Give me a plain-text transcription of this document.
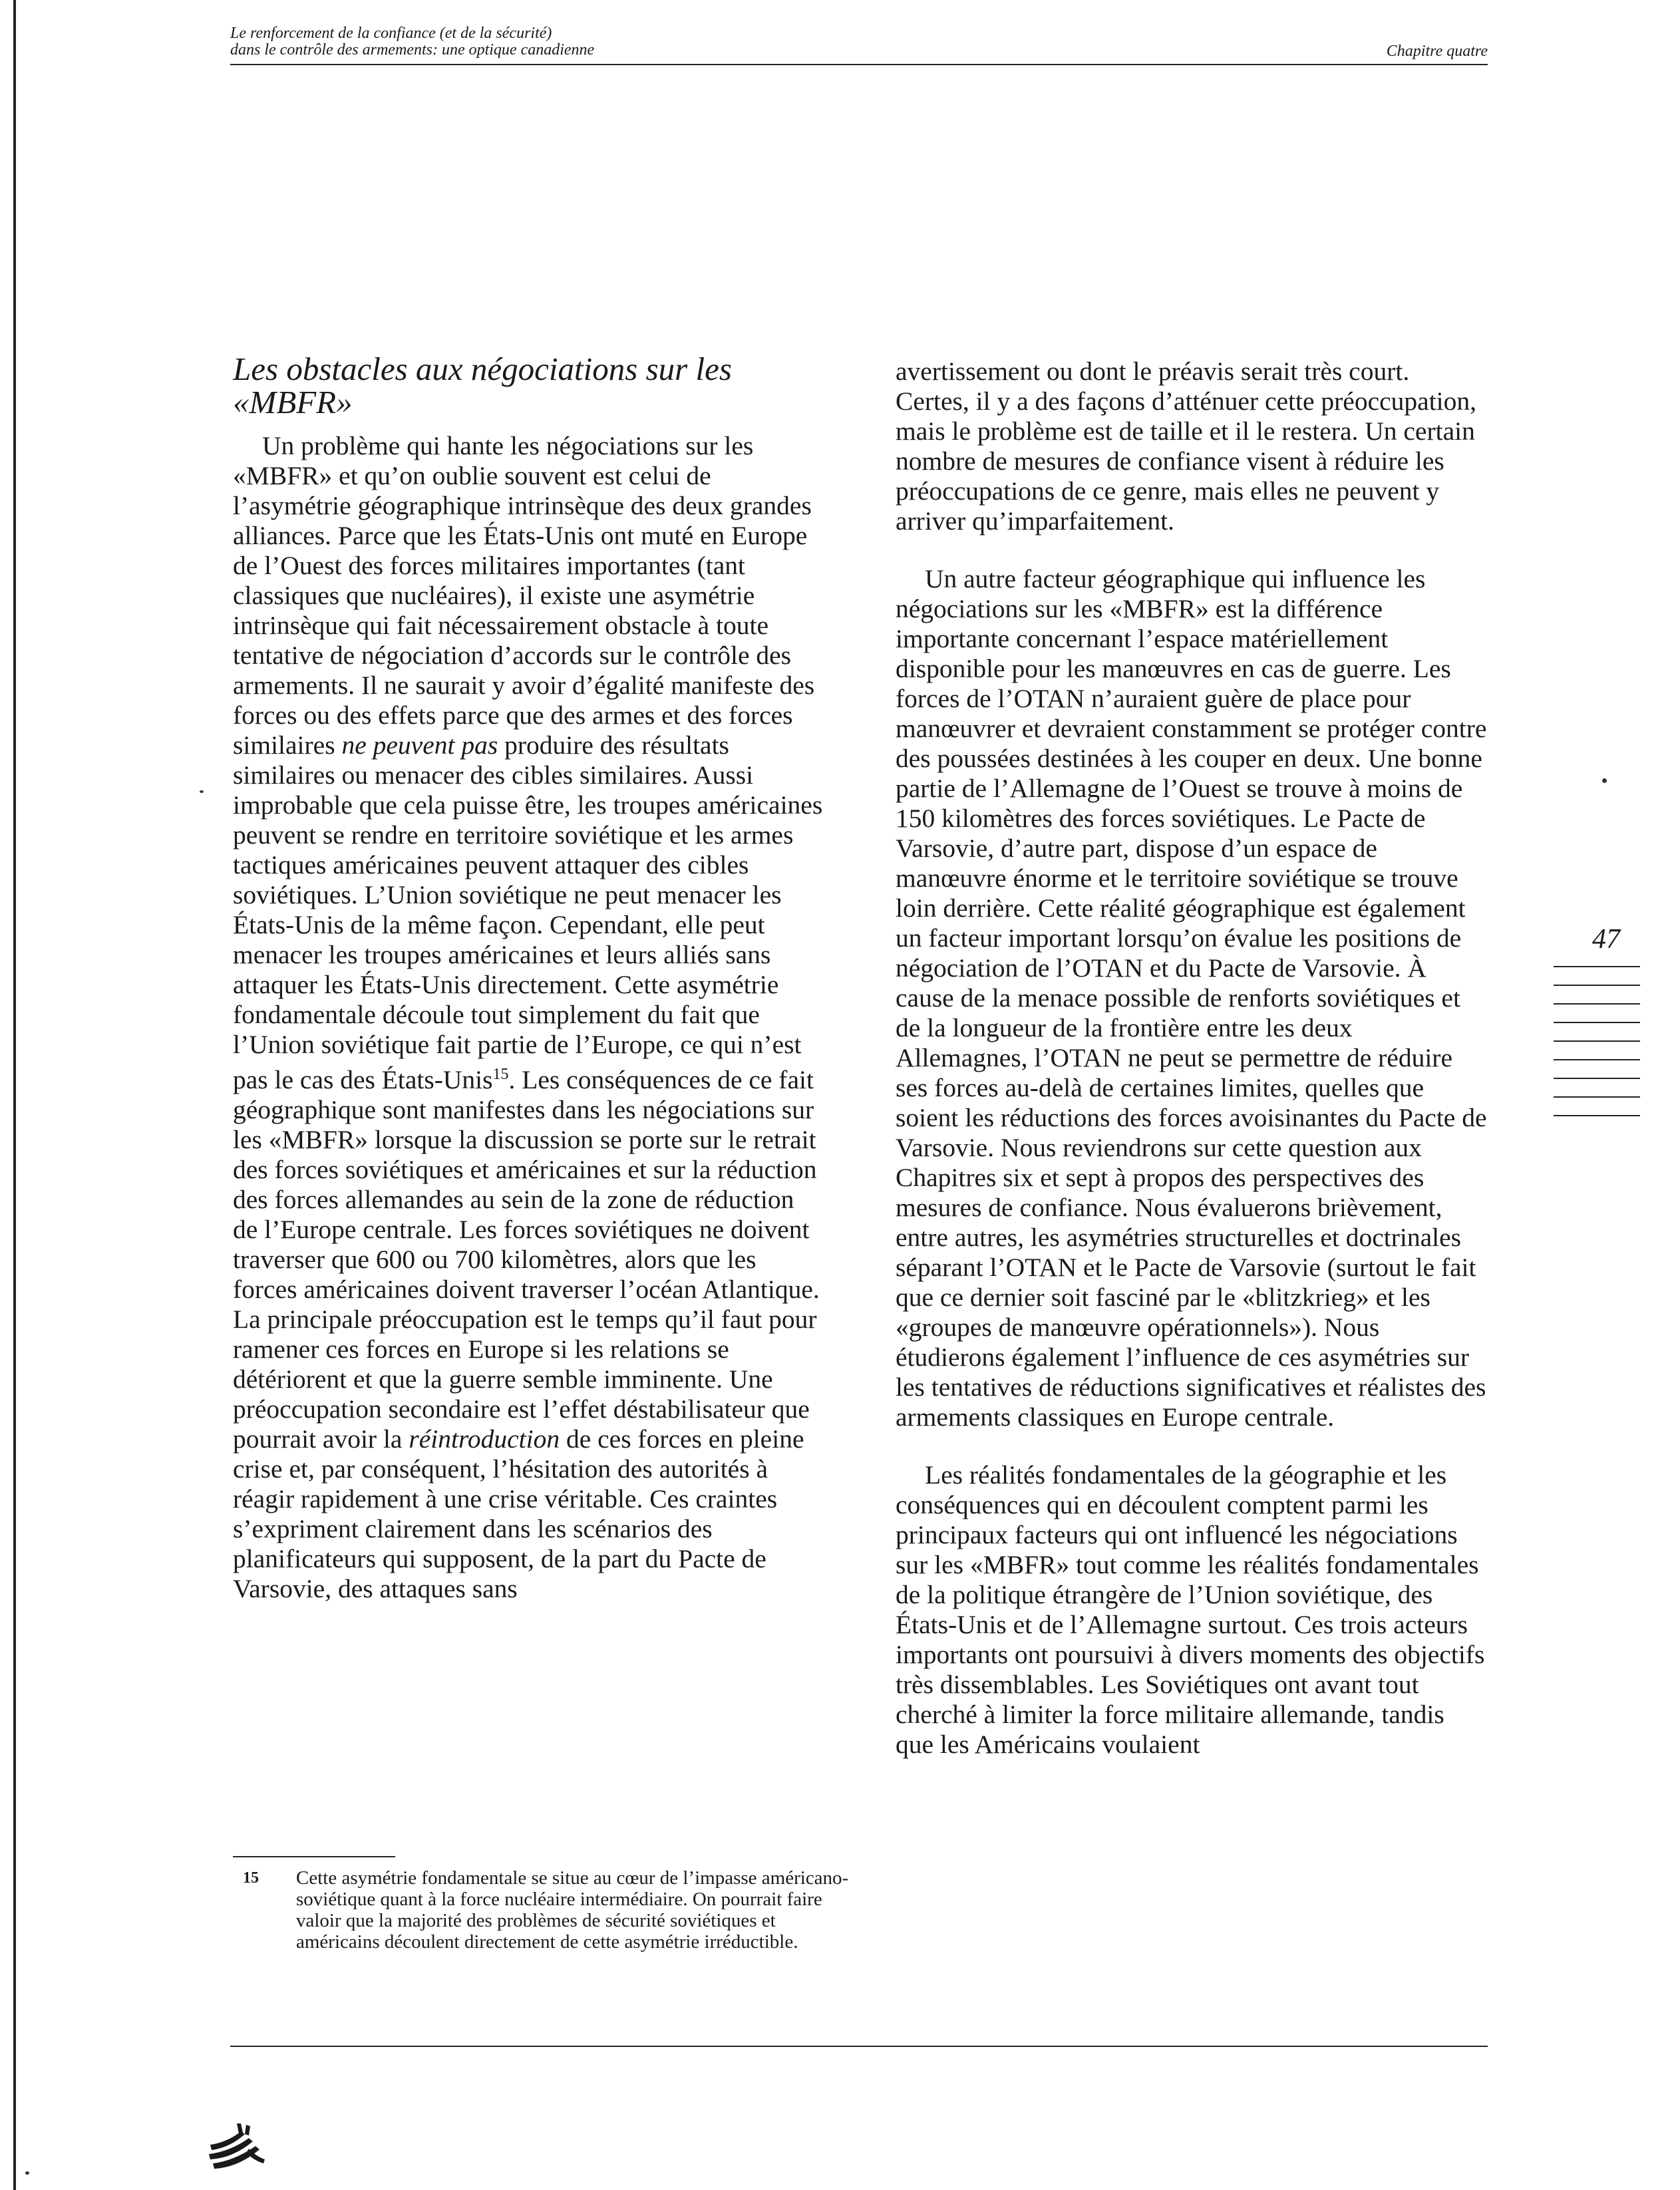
Le renforcement de la confiance (et de la sécurité)
dans le contrôle des armements: une optique canadienne	Chapitre quatre
Les obstacles aux négociations sur les «MBFR»

Un problème qui hante les négociations sur les «MBFR» et qu’on oublie souvent est celui de l’asymétrie géographique intrinsèque des deux grandes alliances. Parce que les États-Unis ont muté en Europe de l’Ouest des forces militaires importantes (tant classiques que nucléaires), il existe une asymétrie intrinsèque qui fait nécessairement obstacle à toute tentative de négociation d’accords sur le contrôle des armements. Il ne saurait y avoir d’égalité manifeste des forces ou des effets parce que des armes et des forces similaires ne peuvent pas produire des résultats similaires ou menacer des cibles similaires. Aussi improbable que cela puisse être, les troupes américaines peuvent se rendre en territoire soviétique et les armes tactiques américaines peuvent attaquer des cibles soviétiques. L’Union soviétique ne peut menacer les États-Unis de la même façon. Cependant, elle peut menacer les troupes américaines et leurs alliés sans attaquer les États-Unis directement. Cette asymétrie fondamentale découle tout simplement du fait que l’Union soviétique fait partie de l’Europe, ce qui n’est pas le cas des États-Unis$^{15}$. Les conséquences de ce fait géographique sont manifestes dans les négociations sur les «MBFR» lorsque la discussion se porte sur le retrait des forces soviétiques et américaines et sur la réduction des forces allemandes au sein de la zone de réduction de l’Europe centrale. Les forces soviétiques ne doivent traverser que 600 ou 700 kilomètres, alors que les forces américaines doivent traverser l’océan Atlantique. La principale préoccupation est le temps qu’il faut pour ramener ces forces en Europe si les relations se détériorent et que la guerre semble imminente. Une préoccupation secondaire est l’effet déstabilisateur que pourrait avoir la réintroduction de ces forces en pleine crise et, par conséquent, l’hésitation des autorités à réagir rapidement à une crise véritable. Ces craintes s’expriment clairement dans les scénarios des planificateurs qui supposent, de la part du Pacte de Varsovie, des attaques sans

avertissement ou dont le préavis serait très court. Certes, il y a des façons d’atténuer cette préoccupation, mais le problème est de taille et il le restera. Un certain nombre de mesures de confiance visent à réduire les préoccupations de ce genre, mais elles ne peuvent y arriver qu’imparfaitement.

Un autre facteur géographique qui influence les négociations sur les «MBFR» est la différence importante concernant l’espace matériellement disponible pour les manœuvres en cas de guerre. Les forces de l’OTAN n’auraient guère de place pour manœuvrer et devraient constamment se protéger contre des poussées destinées à les couper en deux. Une bonne partie de l’Allemagne de l’Ouest se trouve à moins de 150 kilomètres des forces soviétiques. Le Pacte de Varsovie, d’autre part, dispose d’un espace de manœuvre énorme et le territoire soviétique se trouve loin derrière. Cette réalité géographique est également un facteur important lorsqu’on évalue les positions de négociation de l’OTAN et du Pacte de Varsovie. À cause de la menace possible de renforts soviétiques et de la longueur de la frontière entre les deux Allemagnes, l’OTAN ne peut se permettre de réduire ses forces au-delà de certaines limites, quelles que soient les réductions des forces avoisinantes du Pacte de Varsovie. Nous reviendrons sur cette question aux Chapitres six et sept à propos des perspectives des mesures de confiance. Nous évaluerons brièvement, entre autres, les asymétries structurelles et doctrinales séparant l’OTAN et le Pacte de Varsovie (surtout le fait que ce dernier soit fasciné par le «blitzkrieg» et les «groupes de manœuvre opérationnels»). Nous étudierons également l’influence de ces asymétries sur les tentatives de réductions significatives et réalistes des armements classiques en Europe centrale.

Les réalités fondamentales de la géographie et les conséquences qui en découlent comptent parmi les principaux facteurs qui ont influencé les négociations sur les «MBFR» tout comme les réalités fondamentales de la politique étrangère de l’Union soviétique, des États-Unis et de l’Allemagne surtout. Ces trois acteurs importants ont poursuivi à divers moments des objectifs très dissemblables. Les Soviétiques ont avant tout cherché à limiter la force militaire allemande, tandis que les Américains voulaient

15 Cette asymétrie fondamentale se situe au cœur de l’impasse américano-soviétique quant à la force nucléaire intermédiaire. On pourrait faire valoir que la majorité des problèmes de sécurité soviétiques et américains découlent directement de cette asymétrie irréductible.
47
